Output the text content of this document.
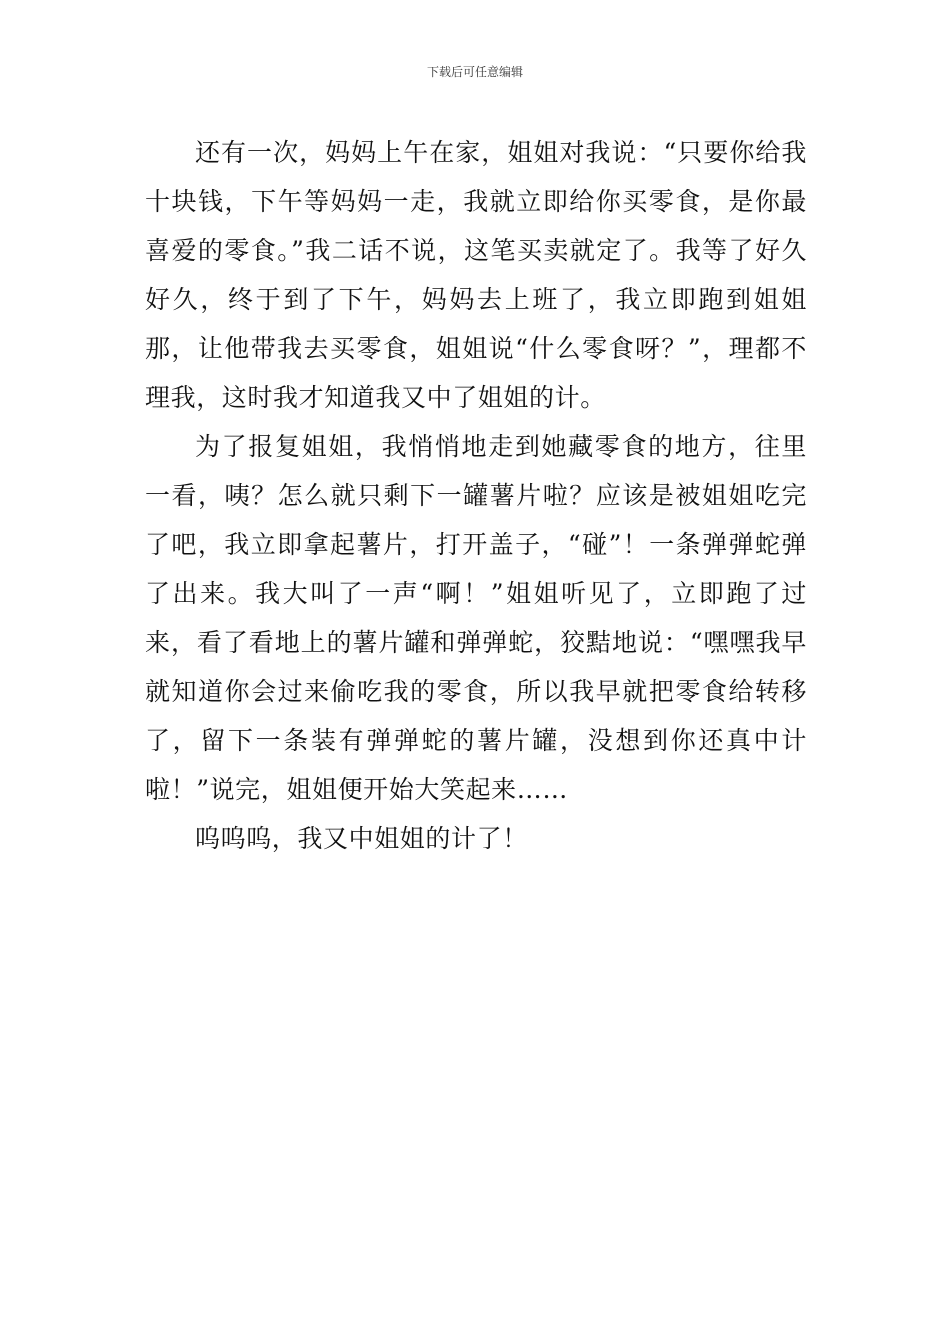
下载后可任意编辑

还有一次，妈妈上午在家，姐姐对我说：“只要你给我十块钱，下午等妈妈一走，我就立即给你买零食，是你最喜爱的零食。”我二话不说，这笔买卖就定了。我等了好久好久，终于到了下午，妈妈去上班了，我立即跑到姐姐那，让他带我去买零食，姐姐说“什么零食呀？”，理都不理我，这时我才知道我又中了姐姐的计。

为了报复姐姐，我悄悄地走到她藏零食的地方，往里一看，咦？怎么就只剩下一罐薯片啦？应该是被姐姐吃完了吧，我立即拿起薯片，打开盖子，“碰”！一条弹弹蛇弹了出来。我大叫了一声“啊！”姐姐听见了，立即跑了过来，看了看地上的薯片罐和弹弹蛇，狡黠地说：“嘿嘿我早就知道你会过来偷吃我的零食，所以我早就把零食给转移了，留下一条装有弹弹蛇的薯片罐，没想到你还真中计啦！”说完，姐姐便开始大笑起来……

呜呜呜，我又中姐姐的计了！
